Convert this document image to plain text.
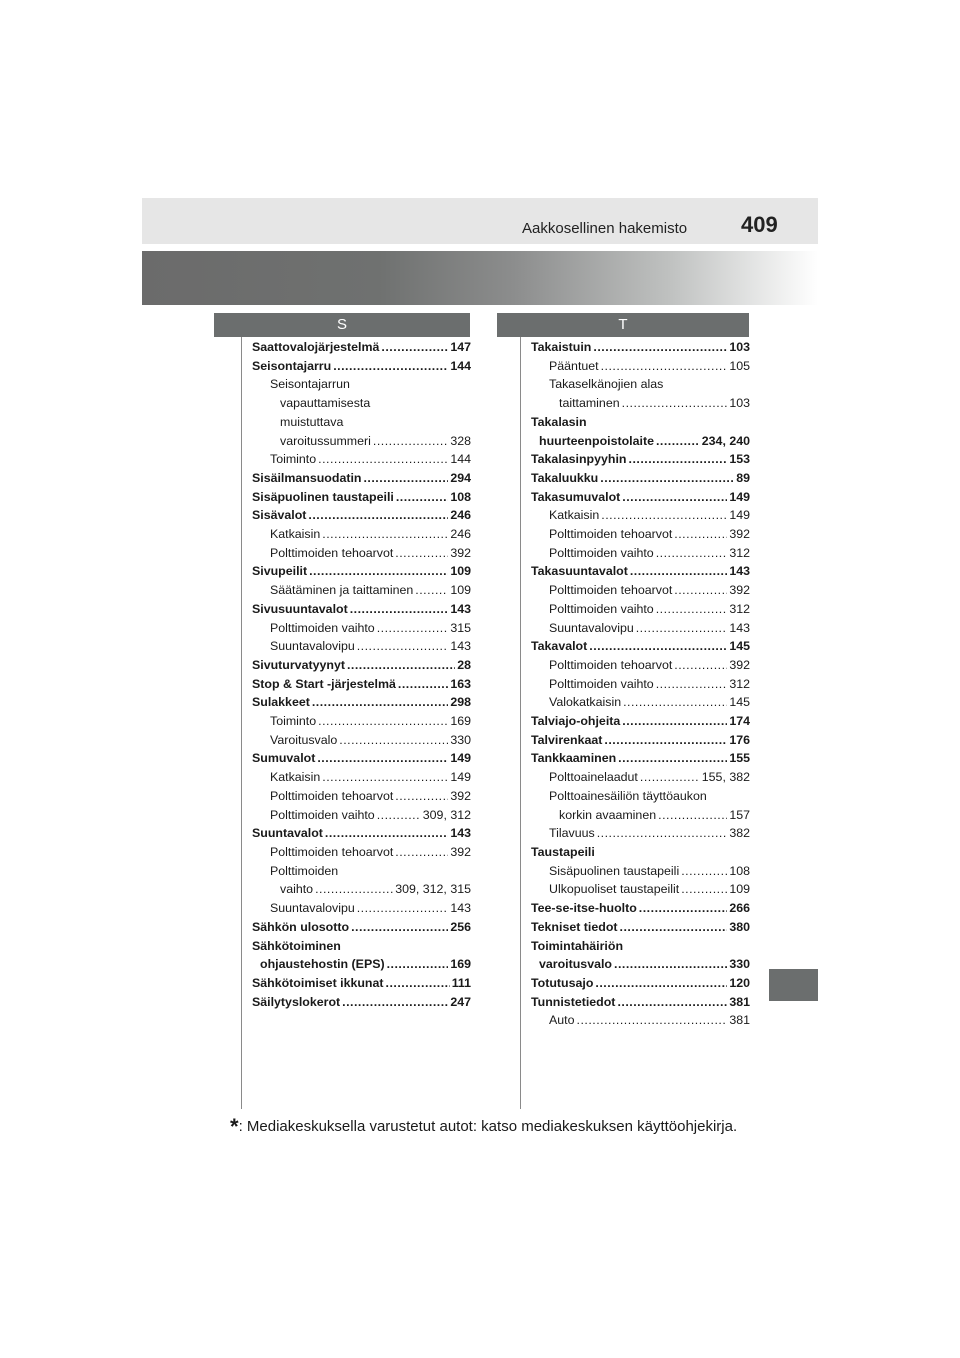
Aakkosellinen hakemisto 409
S	T
Saattovalojärjestelmä .....	147
Seisontajarru .....	144
Seisontajarrun
vapauttamisesta
muistuttava
varoitussummeri .....	328
Toiminto .....	144
Sisäilmansuodatin .....	294
Sisäpuolinen taustapeili .....	108
Sisävalot .....	246
Katkaisin .....	246
Polttimoiden tehoarvot .....	392
Sivupeilit .....	109
Säätäminen ja taittaminen .....	109
Sivusuuntavalot .....	143
Polttimoiden vaihto .....	315
Suuntavalovipu .....	143
Sivuturvatyynyt .....	28
Stop & Start -järjestelmä .....	163
Sulakkeet .....	298
Toiminto .....	169
Varoitusvalo .....	330
Sumuvalot .....	149
Katkaisin .....	149
Polttimoiden tehoarvot .....	392
Polttimoiden vaihto .....	309, 312
Suuntavalot .....	143
Polttimoiden tehoarvot .....	392
Polttimoiden
vaihto .....	309, 312, 315
Suuntavalovipu .....	143
Sähkön ulosotto .....	256
Sähkötoiminen
ohjaustehostin (EPS) .....	169
Sähkötoimiset ikkunat .....	111
Säilytyslokerot .....	247
Takaistuin .....	103
Pääntuet .....	105
Takaselkänojien alas
taittaminen .....	103
Takalasin
huurteenpoistolaite .....	234, 240
Takalasinpyyhin .....	153
Takaluukku .....	89
Takasumuvalot .....	149
Katkaisin .....	149
Polttimoiden tehoarvot .....	392
Polttimoiden vaihto .....	312
Takasuuntavalot .....	143
Polttimoiden tehoarvot .....	392
Polttimoiden vaihto .....	312
Suuntavalovipu .....	143
Takavalot .....	145
Polttimoiden tehoarvot .....	392
Polttimoiden vaihto .....	312
Valokatkaisin .....	145
Talviajo-ohjeita .....	174
Talvirenkaat .....	176
Tankkaaminen .....	155
Polttoainelaadut .....	155, 382
Polttoainesäiliön täyttöaukon
korkin avaaminen .....	157
Tilavuus .....	382
Taustapeili
Sisäpuolinen taustapeili .....	108
Ulkopuoliset taustapeilit .....	109
Tee-se-itse-huolto .....	266
Tekniset tiedot .....	380
Toimintahäiriön
varoitusvalo .....	330
Totutusajo .....	120
Tunnistetiedot .....	381
Auto .....	381
*: Mediakeskuksella varustetut autot: katso mediakeskuksen käyttöohjekirja.
